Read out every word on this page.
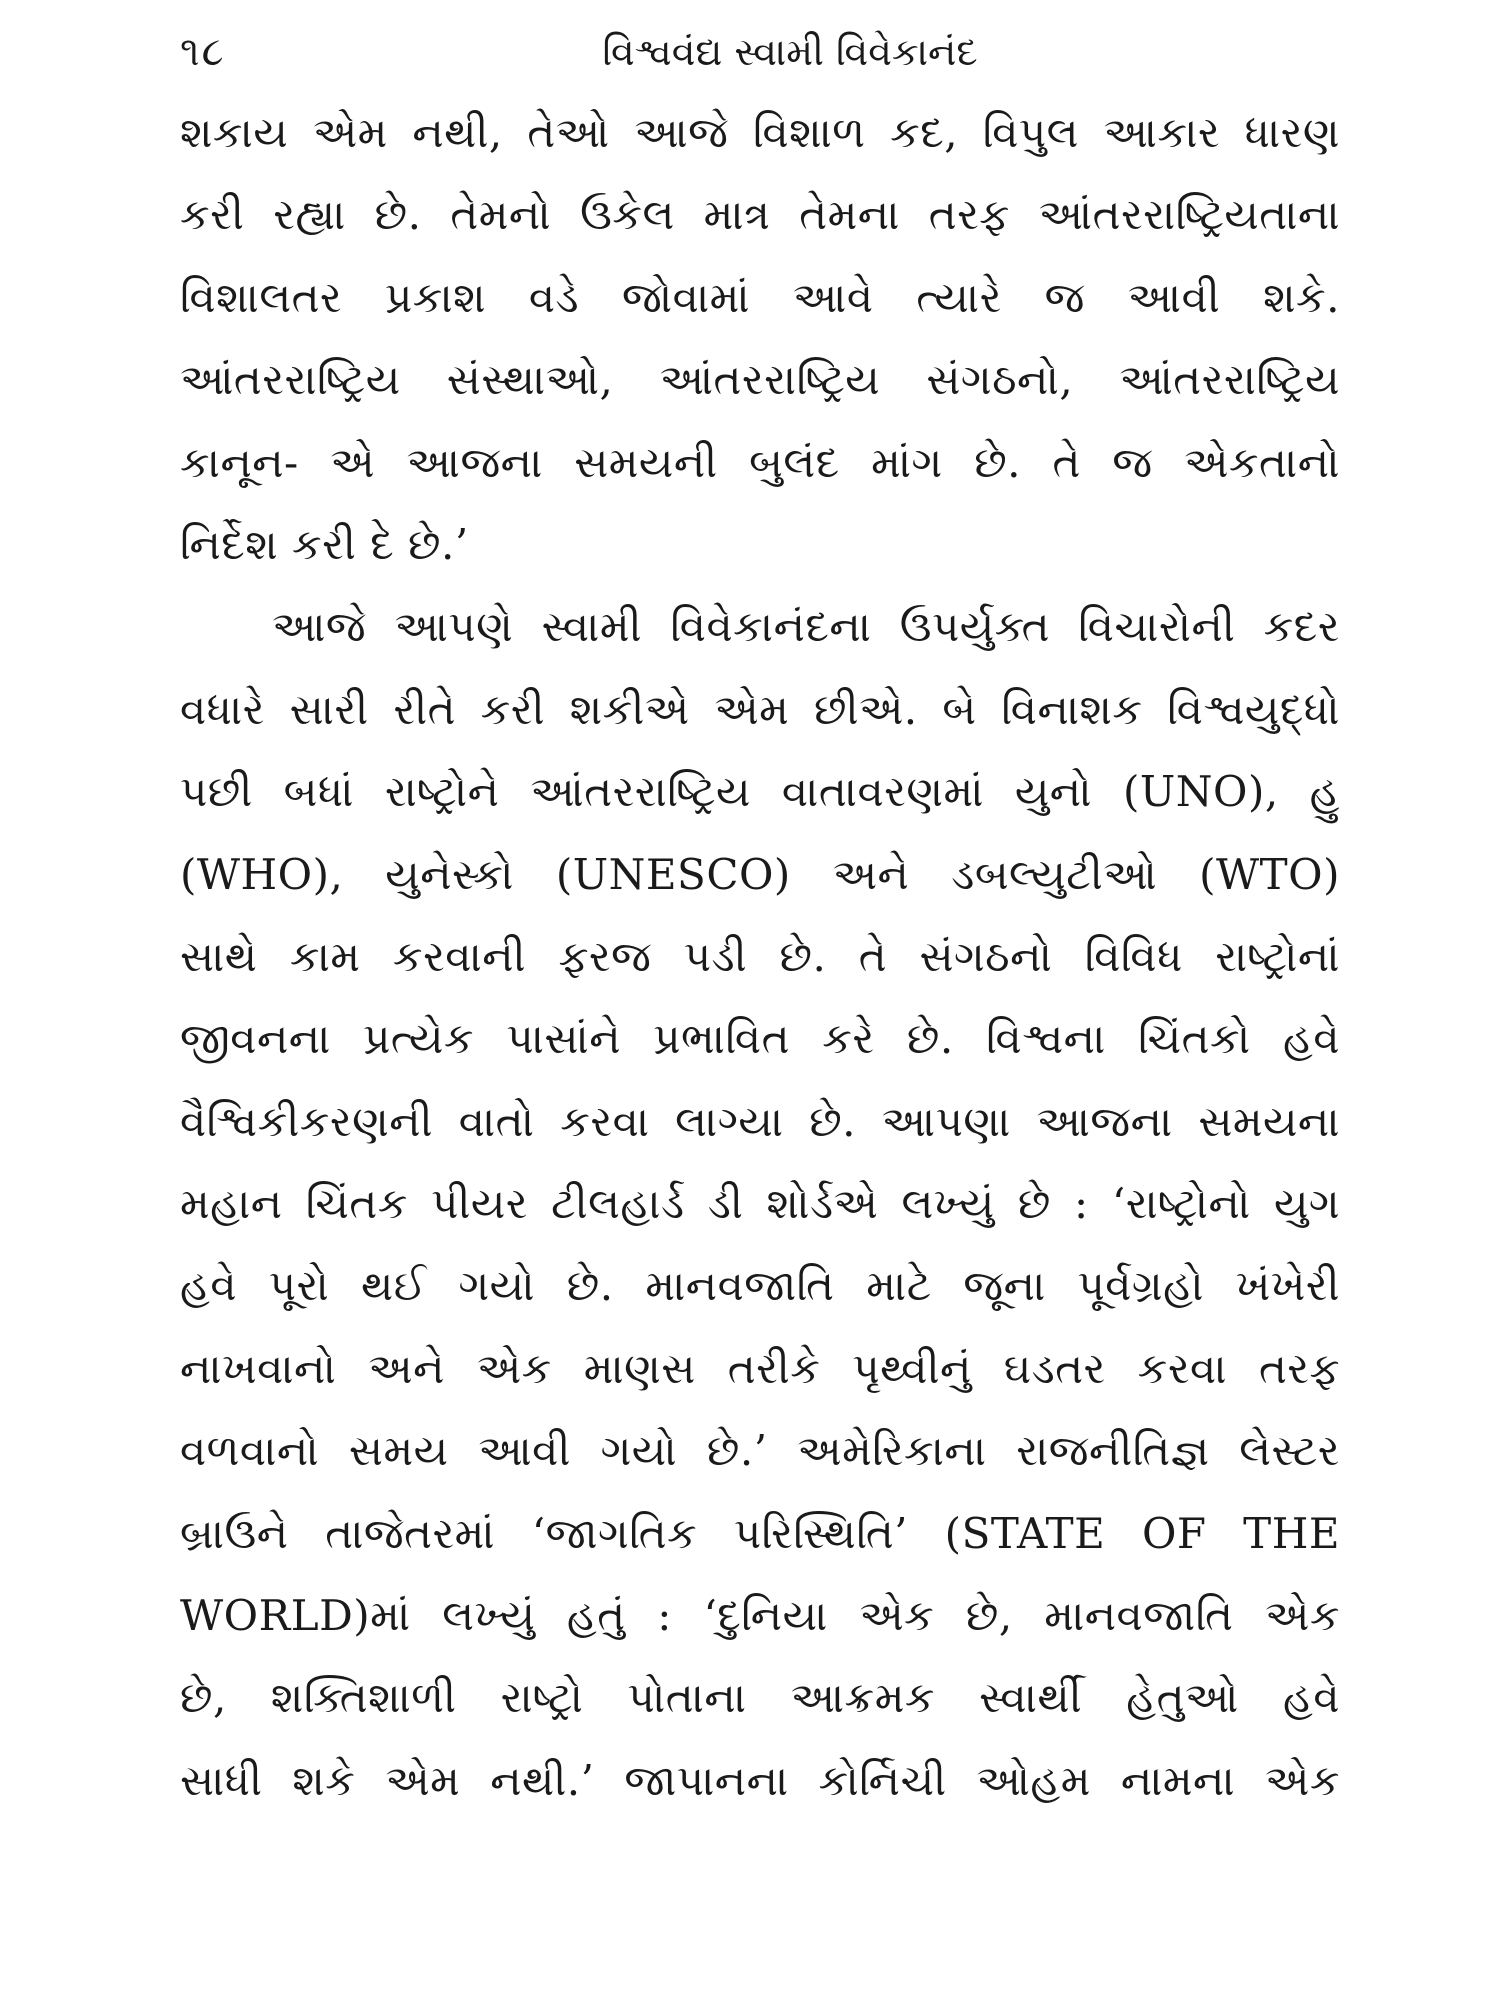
૧૮	વિશ્વવંદ્ય સ્વામી વિવેકાનંદ
શકાય એમ નથી, તેઓ આજે વિશાળ કદ, વિપુલ આકાર ધારણ
કરી રહ્યા છે. તેમનો ઉકેલ માત્ર તેમના તરફ આંતરરાષ્ટ્રિયતાના
વિશાલતર પ્રકાશ વડે જોવામાં આવે ત્યારે જ આવી શકે.
આંતરરાષ્ટ્રિય સંસ્થાઓ, આંતરરાષ્ટ્રિય સંગઠનો, આંતરરાષ્ટ્રિય
કાનૂન- એ આજના સમયની બુલંદ માંગ છે. તે જ એકતાનો
નિર્દેશ કરી દે છે.’
આજે આપણે સ્વામી વિવેકાનંદના ઉપર્યુક્ત વિચારોની કદર
વધારે સારી રીતે કરી શકીએ એમ છીએ. બે વિનાશક વિશ્વયુદ્ધો
પછી બધાં રાષ્ટ્રોને આંતરરાષ્ટ્રિય વાતાવરણમાં યુનો (UNO), હુ
(WHO), યુનેસ્કો (UNESCO) અને ડબલ્યુટીઓ (WTO)
સાથે કામ કરવાની ફરજ પડી છે. તે સંગઠનો વિવિધ રાષ્ટ્રોનાં
જીવનના પ્રત્યેક પાસાંને પ્રભાવિત કરે છે. વિશ્વના ચિંતકો હવે
વૈશ્વિકીકરણની વાતો કરવા લાગ્યા છે. આપણા આજના સમયના
મહાન ચિંતક પીયર ટીલહાર્ડ ડી શોર્ડએ લખ્યું છે : ‘રાષ્ટ્રોનો યુગ
હવે પૂરો થઈ ગયો છે. માનવજાતિ માટે જૂના પૂર્વગ્રહો ખંખેરી
નાખવાનો અને એક માણસ તરીકે પૃથ્વીનું ઘડતર કરવા તરફ
વળવાનો સમય આવી ગયો છે.’ અમેરિકાના રાજનીતિજ્ઞ લેસ્ટર
બ્રાઉને તાજેતરમાં ‘જાગતિક પરિસ્થિતિ’ (STATE OF THE
WORLD)માં લખ્યું હતું : ‘દુનિયા એક છે, માનવજાતિ એક
છે, શક્તિશાળી રાષ્ટ્રો પોતાના આક્રમક સ્વાર્થી હેતુઓ હવે
સાધી શકે એમ નથી.’ જાપાનના કોર્નિચી ઓહમ નામના એક
